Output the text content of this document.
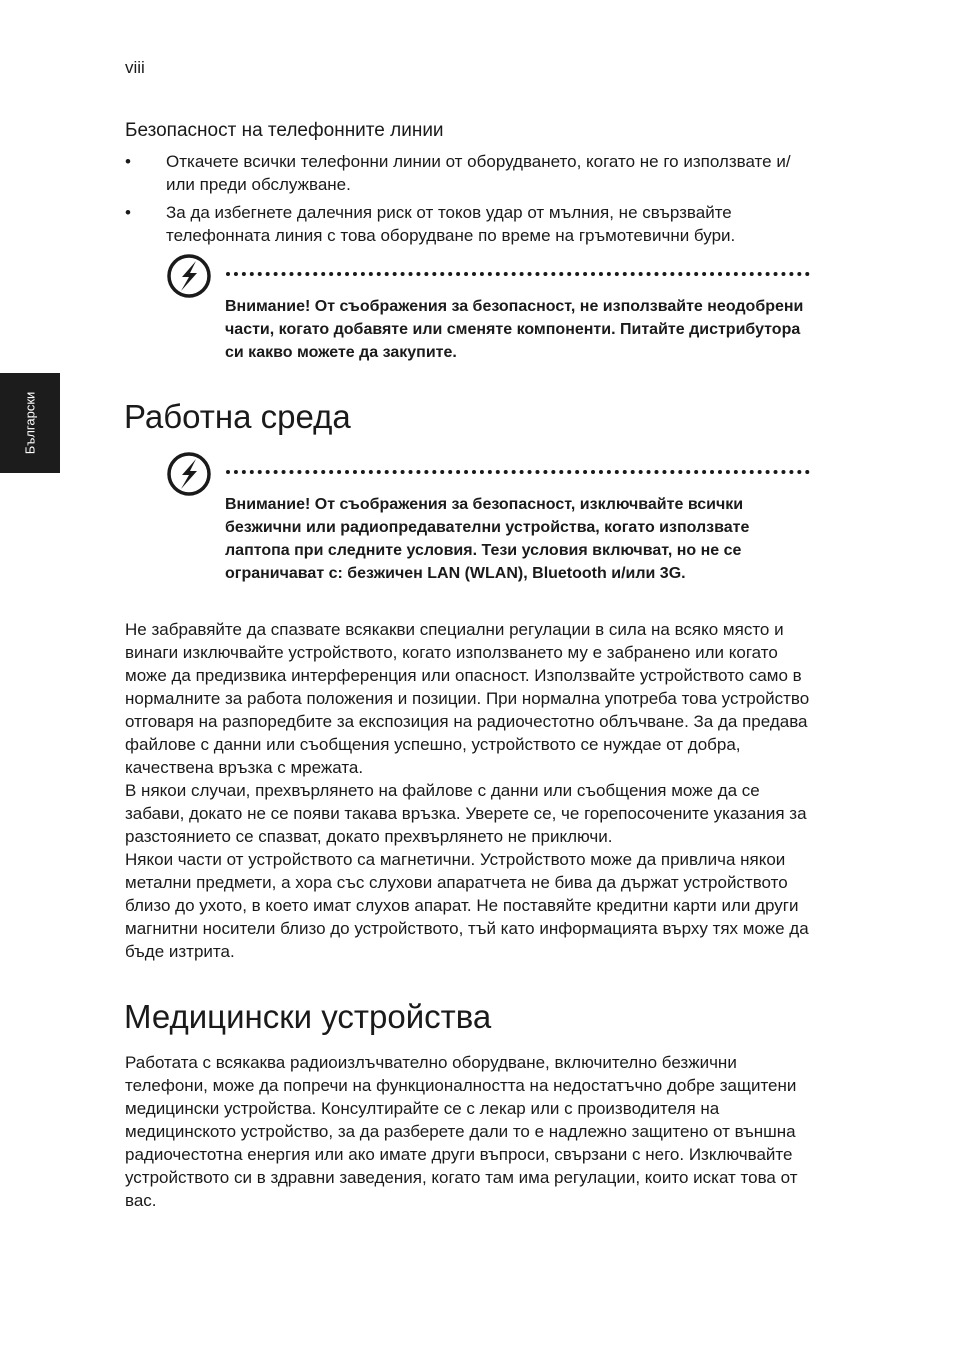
viii
Български
Безопасност на телефонните линии
• Откачете всички телефонни линии от оборудването, когато не го използвате и/или преди обслужване.
• За да избегнете далечния риск от токов удар от мълния, не свързвайте телефонната линия с това оборудване по време на гръмотевични бури.
Внимание! От съображения за безопасност, не използвайте неодобрени части, когато добавяте или сменяте компоненти. Питайте дистрибутора си какво можете да закупите.
Работна среда
Внимание! От съображения за безопасност, изключвайте всички безжични или радиопредавателни устройства, когато използвате лаптопа при следните условия. Тези условия включват, но не се ограничават с: безжичен LAN (WLAN), Bluetooth и/или 3G.

Не забравяйте да спазвате всякакви специални регулации в сила на всяко място и винаги изключвайте устройството, когато използването му е забранено или когато може да предизвика интерференция или опасност. Използвайте устройството само в нормалните за работа положения и позиции. При нормална употреба това устройство отговаря на разпоредбите за експозиция на радиочестотно облъчване. За да предава файлове с данни или съобщения успешно, устройството се нуждае от добра, качествена връзка с мрежата.

В някои случаи, прехвърлянето на файлове с данни или съобщения може да се забави, докато не се появи такава връзка. Уверете се, че горепосочените указания за разстоянието се спазват, докато прехвърлянето не приключи.

Някои части от устройството са магнетични. Устройството може да привлича някои метални предмети, а хора със слухови апаратчета не бива да държат устройството близо до ухото, в което имат слухов апарат. Не поставяйте кредитни карти или други магнитни носители близо до устройството, тъй като информацията върху тях може да бъде изтрита.

Медицински устройства

Работата с всякаква радиоизлъчвателно оборудване, включително безжични телефони, може да попречи на функционалността на недостатъчно добре защитени медицински устройства. Консултирайте се с лекар или с производителя на медицинското устройство, за да разберете дали то е надлежно защитено от външна радиочестотна енергия или ако имате други въпроси, свързани с него. Изключвайте устройството си в здравни заведения, когато там има регулации, които искат това от вас.
